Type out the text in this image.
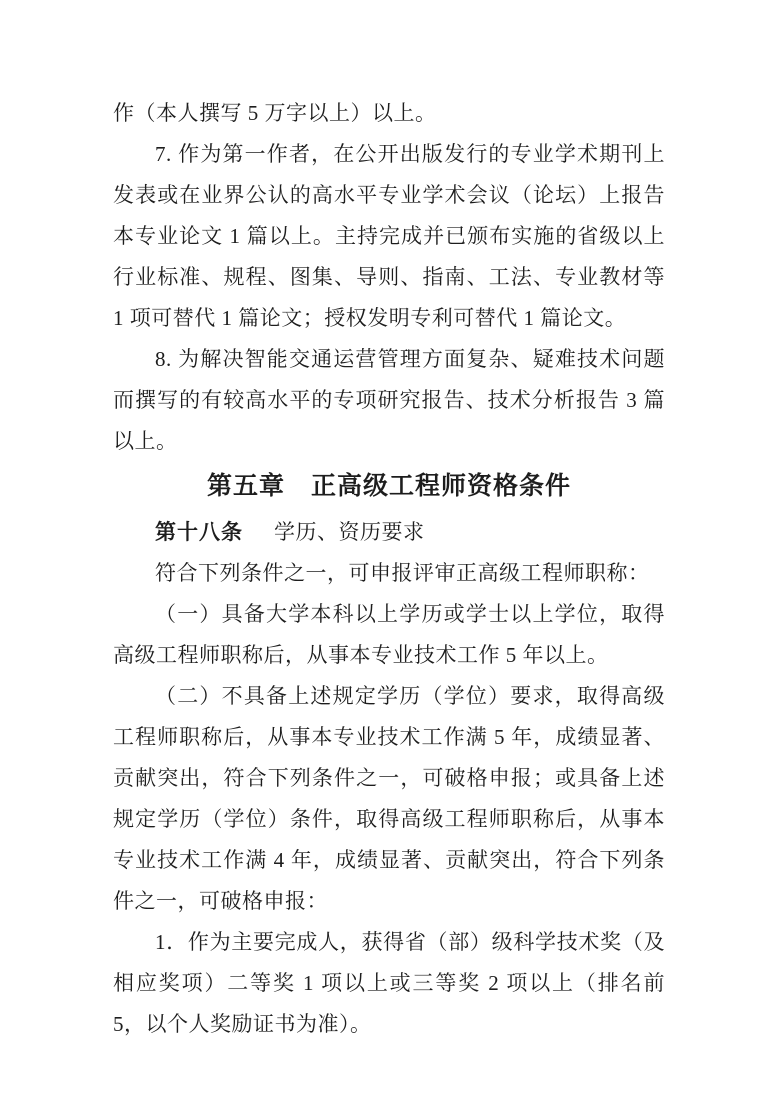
作（本人撰写 5 万字以上）以上。

7. 作为第一作者，在公开出版发行的专业学术期刊上发表或在业界公认的高水平专业学术会议（论坛）上报告本专业论文 1 篇以上。主持完成并已颁布实施的省级以上行业标准、规程、图集、导则、指南、工法、专业教材等 1 项可替代 1 篇论文；授权发明专利可替代 1 篇论文。

8. 为解决智能交通运营管理方面复杂、疑难技术问题而撰写的有较高水平的专项研究报告、技术分析报告 3 篇以上。

第五章　正高级工程师资格条件

第十八条 学历、资历要求

符合下列条件之一，可申报评审正高级工程师职称：

（一）具备大学本科以上学历或学士以上学位，取得高级工程师职称后，从事本专业技术工作 5 年以上。

（二）不具备上述规定学历（学位）要求，取得高级工程师职称后，从事本专业技术工作满 5 年，成绩显著、贡献突出，符合下列条件之一，可破格申报；或具备上述规定学历（学位）条件，取得高级工程师职称后，从事本专业技术工作满 4 年，成绩显著、贡献突出，符合下列条件之一，可破格申报：

1．作为主要完成人，获得省（部）级科学技术奖（及相应奖项）二等奖 1 项以上或三等奖 2 项以上（排名前 5，以个人奖励证书为准）。
